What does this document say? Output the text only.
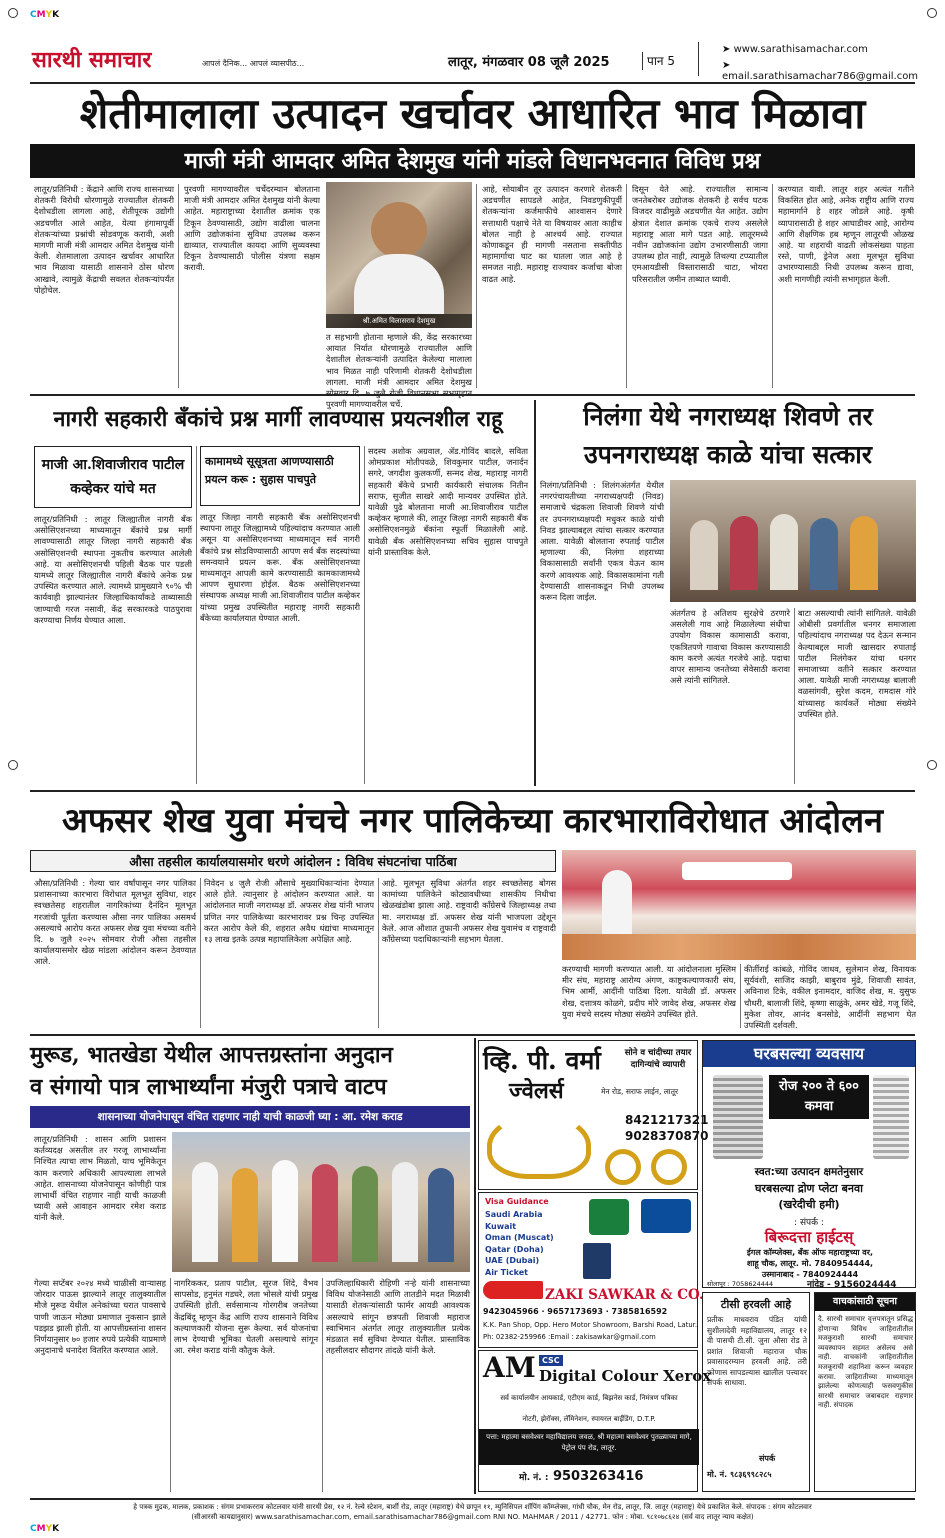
CMYK
सारथी समाचार	आपलं दैनिक... आपलं व्यासपीठ...	लातूर, मंगळवार 08 जूलै 2025	पान 5
➤ www.sarathisamachar.com
➤ email.sarathisamachar786@gmail.com
शेतीमालाला उत्पादन खर्चावर आधारित भाव मिळावा
माजी मंत्री आमदार अमित देशमुख यांनी मांडले विधानभवनात विविध प्रश्न
लातूर/प्रतिनिधी : केंद्राने आणि राज्य शासनाच्या शेतकरी विरोधी धोरणामुळे राज्यातील शेतकरी देशोधडीला लागला आहे, शेतीपूरक उद्योगी अडचणीत आले आहेत, येत्या हंगामापूर्वी शेतकऱ्यांच्या प्रश्नांची सोडवणूक करावी, अशी मागणी माजी मंत्री आमदार अमित देशमुख यांनी केली. शेतमालाला उत्पादन खर्चावर आधारित भाव मिळावा यासाठी शासनाने ठोस धोरण आखावे, त्यामुळे केंद्राची सवलत शेतकऱ्यांपर्यंत पोहोचेल.
पुरवणी मागण्यावरील चर्चेदरम्यान बोलताना माजी मंत्री आमदार अमित देशमुख यांनी केल्या आहेत. महाराष्ट्राच्या देशातील क्रमांक एक टिकून ठेवण्यासाठी, उद्योग वाढीला चालना आणि उद्योजकांना सुविधा उपलब्ध करून द्याव्यात, राज्यातील कायदा आणि सुव्यवस्था टिकून ठेवण्यासाठी पोलीस यंत्रणा सक्षम करावी.
श्री.अमित विलासराव देशमुख
त सहभागी होताना म्हणाले की, केंद्र सरकारच्या आयात निर्यात धोरणामुळे राज्यातील आणि देशातील शेतकऱ्यांनी उत्पादित केलेल्या मालाला भाव मिळत नाही परिणामी शेतकरी देशोधडीला लागला. माजी मंत्री आमदार अमित देशमुख सोमवार दि. ७ जुलै रोजी विधानसभा सभागृहात पुरवणी मागण्यावरील चर्चे.
आहे, सोयाबीन तूर उत्पादन करणारे शेतकरी अडचणीत सापडले आहेत, निवडणुकीपूर्वी शेतकऱ्यांना कर्जमाफीचे आश्वासन देणारे सत्ताधारी पक्षाचे नेते या विषयावर आता काहीच बोलत नाही हे आश्चर्य आहे. राज्यात कोणाकडून ही मागणी नसताना सक्तीपीठ महामार्गाचा घाट का घातला जात आहे हे समजत नाही. महाराष्ट्र राज्यावर कर्जाचा बोजा वाढत आहे.
दिसून येते आहे. राज्यातील सामान्य जनतेबरोबर उद्योजक शेतकरी हे सर्वच घटक विजदर वाढीमुळे अडचणीत येत आहेत. उद्योग क्षेत्रात देशात क्रमांक एकचे राज्य असलेले महाराष्ट्र आता मागे पडत आहे. लातूरमध्ये नवीन उद्योजकांना उद्योग उभारणीसाठी जागा उपलब्ध होत नाही, त्यामुळे तिथल्या टप्प्यातील एमआयडीसी विस्तारासाठी चाटा, भोयरा परिसरातील जमीन ताब्यात घ्यावी.
करण्यात यावी. लातूर शहर अत्यंत गतीने विकसित होत आहे, अनेक राष्ट्रीय आणि राज्य महामार्गाने हे शहर जोडले आहे. कृषी व्यापारासाठी हे शहर आघाडीवर आहे, आरोग्य आणि शैक्षणिक हब म्हणून लातूरची ओळख आहे. या शहराची वाढती लोकसंख्या पाहता रस्ते, पाणी, ड्रेनेज अशा मूलभूत सुविधा उभारण्यासाठी निधी उपलब्ध करून द्यावा, अशी मागणीही त्यांनी सभागृहात केली.
नागरी सहकारी बँकांचे प्रश्न मार्गी लावण्यास प्रयत्नशील राहू
माजी आ.शिवाजीराव पाटील कव्हेकर यांचे मत
लातूर/प्रतिनिधी : लातूर जिल्ह्यातील नागरी बँक असोसिएशनच्या माध्यमातून बँकांचे प्रश्न मार्गी लावण्यासाठी लातूर जिल्हा नागरी सहकारी बँक असोसिएशनची स्थापना नुकतीच करण्यात आलेली आहे. या असोसिएशनची पहिली बैठक पार पडली यामध्ये लातूर जिल्ह्यातील नागरी बँकांचे अनेक प्रश्न उपस्थित करण्यात आले. त्यामध्ये प्रामुख्याने ९०% ची कार्यवाही झाल्यानंतर जिल्हाधिकार्यांकडे ताब्यासाठी जाण्याची गरज नसावी, केंद्र सरकारकडे पाठपुरावा करण्याचा निर्णय घेण्यात आला.
कामामध्ये सूसूत्रता आणण्यासाठी प्रयत्न करू : सुहास पाचपुते
लातूर जिल्हा नागरी सहकारी बँक असोसिएशनची स्थापना लातूर जिल्ह्यामध्ये पहिल्यांदाच करण्यात आली असून या असोसिएशनच्या माध्यमातून सर्व नागरी बँकांचे प्रश्न सोडविण्यासाठी आपण सर्व बँक सदस्यांच्या समन्वयाने प्रयत्न करू. बँक असोसिएशनच्या माध्यमातून आपली कामे करण्यासाठी कामकाजामध्ये आपण सुधारणा होईल. बैठक असोसिएशनच्या संस्थापक अध्यक्ष माजी आ.शिवाजीराव पाटील कव्हेकर यांच्या प्रमुख उपस्थितीत महाराष्ट्र नागरी सहकारी बँकेच्या कार्यालयात घेण्यात आली.
सदस्य अशोक अग्रवाल, ॲड.गोविंद बादले, सविता ओमप्रकाश मोतीपवळे, शिवकुमार पाटील, जनार्दन सगरे, जगदीश कुलकर्णी, सन्मद शेख, महाराष्ट्र नागरी सहकारी बँकेचे प्रभारी कार्यकारी संचालक नितीन सराफ, सुजीत साखरे आदी मान्यवर उपस्थित होते. यावेळी पुढे बोलताना माजी आ.शिवाजीराव पाटील कव्हेकर म्हणाले की, लातूर जिल्हा नागरी सहकारी बँक असोसिएशनमुळे बँकांना स्फूर्ती मिळालेली आहे. यावेळी बँक असोसिएशनच्या सचिव सुहास पाचपुते यांनी प्रास्ताविक केले.
निलंगा येथे नगराध्यक्ष शिवणे तर
उपनगराध्यक्ष काळे यांचा सत्कार
निलंगा/प्रतिनिधी : शिलंगअंतर्गत येथील नगरपंचायतीच्या नगराध्यक्षपदी (निवड) समाजाचे चंद्रकला शिवाजी शिवणे यांची तर उपनगराध्यक्षपदी मधुकर काळे यांची निवड झाल्याबद्दल त्यांचा सत्कार करण्यात आला. यावेळी बोलताना रुपताई पाटील म्हणाल्या की, निलंगा शहराच्या विकासासाठी सर्वांनी एकत्र येऊन काम करणे आवश्यक आहे. विकासकामांना गती देण्यासाठी शासनाकडून निधी उपलब्ध करून दिला जाईल.
अंतर्गतच हे अतिशय सुरक्षेचे ठरणारे असलेली गाव आहे मिळालेल्या संधीचा उपयोग विकास कामासाठी करावा, एकत्रितपणे गावाचा विकास करण्यासाठी काम करणे अत्यंत गरजेचे आहे. पदाचा वापर सामान्य जनतेच्या सेवेसाठी करावा असे त्यांनी सांगितले.
बाटा असल्याची त्यांनी सांगितले. यावेळी ओबीसी प्रवर्गातील धनगर समाजाला पहिल्यांदाच नगराध्यक्ष पद देऊन सन्मान केल्याबद्दल माजी खासदार रुपाताई पाटील निलंगेकर यांचा धनगर समाजाच्या वतीने सत्कार करण्यात आला. यावेळी माजी नगराध्यक्ष बालाजी वळसांगवी, सुरेश कदम, रामदास गोरे यांच्यासह कार्यकर्ते मोठ्या संख्येने उपस्थित होते.
अफसर शेख युवा मंचचे नगर पालिकेच्या कारभाराविरोधात आंदोलन
औसा तहसील कार्यालयासमोर धरणे आंदोलन : विविध संघटनांचा पाठिंबा
औसा/प्रतिनिधी : गेल्या चार वर्षांपासून नगर पालिका प्रशासनाच्या कारभारा विरोधात मूलभूत सुविधा, शहर स्वच्छतेसह शहरातील नागरिकांच्या दैनंदिन मूलभूत गरजांची पूर्तता करण्यास औसा नगर पालिका असमर्थ असल्याचे आरोप करत अफसर शेख युवा मंचच्या वतीने दि. ७ जुलै २०२५ सोमवार रोजी औसा तहसील कार्यालयासमोर खेळ मांडला आंदोलन करून ठेवण्यात आले.
निवेदन ४ जुलै रोजी औसाचे मुख्याधिकाऱ्यांना देण्यात आले होते. त्यानुसार हे आंदोलन करण्यात आले. या आंदोलनात माजी नगराध्यक्ष डॉ. अफसर शेख यांनी भाजप प्रणित नगर पालिकेच्या कारभारावर प्रश्न चिन्ह उपस्थित करत आरोप केले की, शहरात अवैध धंद्यांचा माध्यमातून १३ लाख इतके उत्पन्न महापालिकेला अपेक्षित आहे.
आहे. मूलभूत सुविधा अंतर्गत शहर स्वच्छतेसह बोगस कामांच्या पालिकेने कोट्यावधीच्या शासकीय निधीचा खेळखंडोबा झाला आहे. राष्ट्रवादी काँग्रेसचे जिल्हाध्यक्ष तथा मा. नगराध्यक्ष डॉ. अफसर शेख यांनी भाजपला उद्देशून केले. आज औशात तुफानी अफसर शेख युवामंच व राष्ट्रवादी काँग्रेसच्या पदाधिकाऱ्यांनी सहभाग घेतला.
करण्याची मागणी करण्यात आली. या आंदोलनाला मुस्लिम मीर संघ, महाराष्ट्र आरोग्य अंगण, काष्ट्रकल्याणकारी संघ, भिम आर्मी, आदींनी पाठिंबा दिला. यावेळी डॉ. अफसर शेख, दत्तात्रय कोळगे, प्रदीप मोरे जावेद शेख, अफसर शेख युवा मंचचे सदस्य मोठ्या संख्येने उपस्थित होते.
कीर्तीराई कांबळे, गोविंद जाधव, सुलेमान शेख, विनायक सूर्यवंशी, साजिद काझी, बाबुराव मुंढे, शिवाजी सावंत, अविनाश टिके, वकील इनामदार, वाजिद शेख, म. युसुफ चौधरी, बालाजी शिंदे, कृष्णा साळुंके, अमर खेडे, गजू शिंदे, मुकेश तोवर, आनंद बनसोडे, आदींनी सहभाग घेत उपस्थिती दर्शवली.
मुरूड, भातखेडा येथील आपत्तग्रस्तांना अनुदान
व संगायो पात्र लाभार्थ्यांना मंजुरी पत्राचे वाटप
शासनाच्या योजनेपासून वंचित राहणार नाही याची काळजी घ्या : आ. रमेश कराड
लातूर/प्रतिनिधी : शासन आणि प्रशासन कर्तव्यदक्ष असतील तर गरजू लाभार्थ्यांना निश्चित त्याचा लाभ मिळतो, याच भूमिकेतून काम करणारे अधिकारी आपल्याला लाभले आहेत. शासनाच्या योजनेपासून कोणीही पात्र लाभार्थी वंचित राहणार नाही याची काळजी घ्यावी असे आवाहन आमदार रमेश कराड यांनी केले.
गेल्या सप्टेंबर २०२४ मध्ये चाळीसी वाऱ्यासह जोरदार पाऊस झाल्याने लातूर तालुक्यातील मौजे मुरूड येथील अनेकांच्या घरात पावसाचे पाणी जाऊन मोठ्या प्रमाणात नुकसान झाले पडझड झाली होती. या आपत्तीग्रस्तांना शासन निर्णयानुसार ७० हजार रुपये प्रत्येकी याप्रमाणे अनुदानाचे धनादेश वितरित करण्यात आले.
नागरिककर, प्रताप पाटील, सूरज शिंदे, वैभव सापसोड, हनुमंत गडघरे, लता भोसले यांची प्रमुख उपस्थिती होती. सर्वसामान्य गोरगरीब जनतेच्या केंद्रबिंदू म्हणून केंद्र आणि राज्य शासनाने विविध कल्याणकारी योजना सुरू केल्या. सर्व योजनांचा लाभ देण्याची भूमिका घेतली असल्याचे सांगून आ. रमेश कराड यांनी कौतुक केले.
उपजिल्हाधिकारी रोहिणी नऱ्हे यांनी शासनाच्या विविध योजनेसाठी आणि तातडीने मदत मिळावी यासाठी शेतकऱ्यांसाठी फार्मर आयडी आवश्यक असल्याचे सांगून छत्रपती शिवाजी महाराज स्वाभिमान अंतर्गत लातूर तालुक्यातील प्रत्येक मंडळात सर्व सुविधा देण्यात येतील. प्रास्ताविक तहसीलदार सौदागर तांदळे यांनी केले.
व्हि. पी. वर्मा
ज्वेलर्स
सोने व चांदीच्या तयार
दागिन्यांचे व्यापारी
मेन रोड, सराफ लाईन, लातूर
8421217321
9028370870
Visa Guidance
Saudi Arabia
Kuwait
Oman (Muscat)
Qatar (Doha)
UAE (Dubai)
Air Ticket
ZAKI SAWKAR & CO.
9423045966 · 9657173693 · 7385816592
K.K. Pan Shop, Opp. Hero Motor Showroom, Barshi Road, Latur.
Ph: 02382-259966 :Email : zakisawkar@gmail.com
AM CSC
Digital Colour Xerox
सर्व कार्यालयीन आयकार्ड, एटीएम कार्ड, बिझनेस कार्ड, निमंत्रण पत्रिका
नोटरी, झेरॉक्स, लॅमिनेशन, स्पायरल बाईंडिंग, D.T.P.
पत्ता: महात्मा बसवेश्वर महाविद्यालय जवळ, श्री महात्मा बसवेश्वर पुतळ्याच्या मागे, पेट्रोल पंप रोड, लातूर.
मो. नं. : 9503263416
घरबसल्या व्यवसाय
रोज २०० ते ६०० कमवा
स्वत:च्या उत्पादन क्षमतेनुसार
घरबसल्या द्रोण प्लेटा बनवा
(खरेदीची हमी)
: संपर्क :
बिरूदत्ता हाईटस्
ईगल कॉम्प्लेक्स, बँक ऑफ महाराष्ट्रच्या वर,
शाहू चौक, लातूर. मो. 7840954444,
उस्मानाबाद - 7840924444
सोलापूर : 7058624444	नांदेड - 9156024444
टीसी हरवली आहे
प्रतीक माधवराव पंडित यांची सुशीलादेवी महाविद्यालय, लातूर १२ वी पासची टी.सी. जुना औसा रोड ते प्रशांत शिवाजी महाराज चौक प्रवासादरम्यान हरवली आहे. तरी कोणास सापडल्यास खालील पत्त्यावर संपर्क साधावा.
संपर्क
मो. नं. ९८३६९९८२८५
वाचकांसाठी सूचना
दै. सारथी समाचार वृत्तपत्रातून प्रसिद्ध होणाऱ्या विविध जाहिरातीतील मजकुराशी सारथी समाचार व्यवस्थापन सहमत असेलच असे नाही. वाचकांनी जाहिरातीतील मजकूराची शहानिशा करून व्यवहार करावा. जाहिरातीच्या माध्यमातून झालेल्या कोणत्याही फसवणुकीस सारथी समाचार जबाबदार राहणार नाही. संपादक
हे पत्रक मुद्रक, मालक, प्रकाशक : संगम प्रभाकरराव कोटलवार यांनी सारथी प्रेस, १२ नं. रेल्वे स्टेशन, बार्शी रोड, लातूर (महाराष्ट्र) येथे छापून ११, म्युनिसिपल शॉपिंग कॉम्प्लेक्स, गांधी चौक, मेन रोड, लातूर, जि. लातूर (महाराष्ट्र) येथे प्रकाशित केले. संपादक : संगम कोटलवार
(सीआरसी कायद्यानुसार) www.sarathisamachar.com, email.sarathisamachar786@gmail.com RNI NO. MAHMAR / 2011 / 42771. फोन : मोबा. ९८१०७८६२४ (सर्व वाद लातूर न्याय कक्षेत)
CMYK
